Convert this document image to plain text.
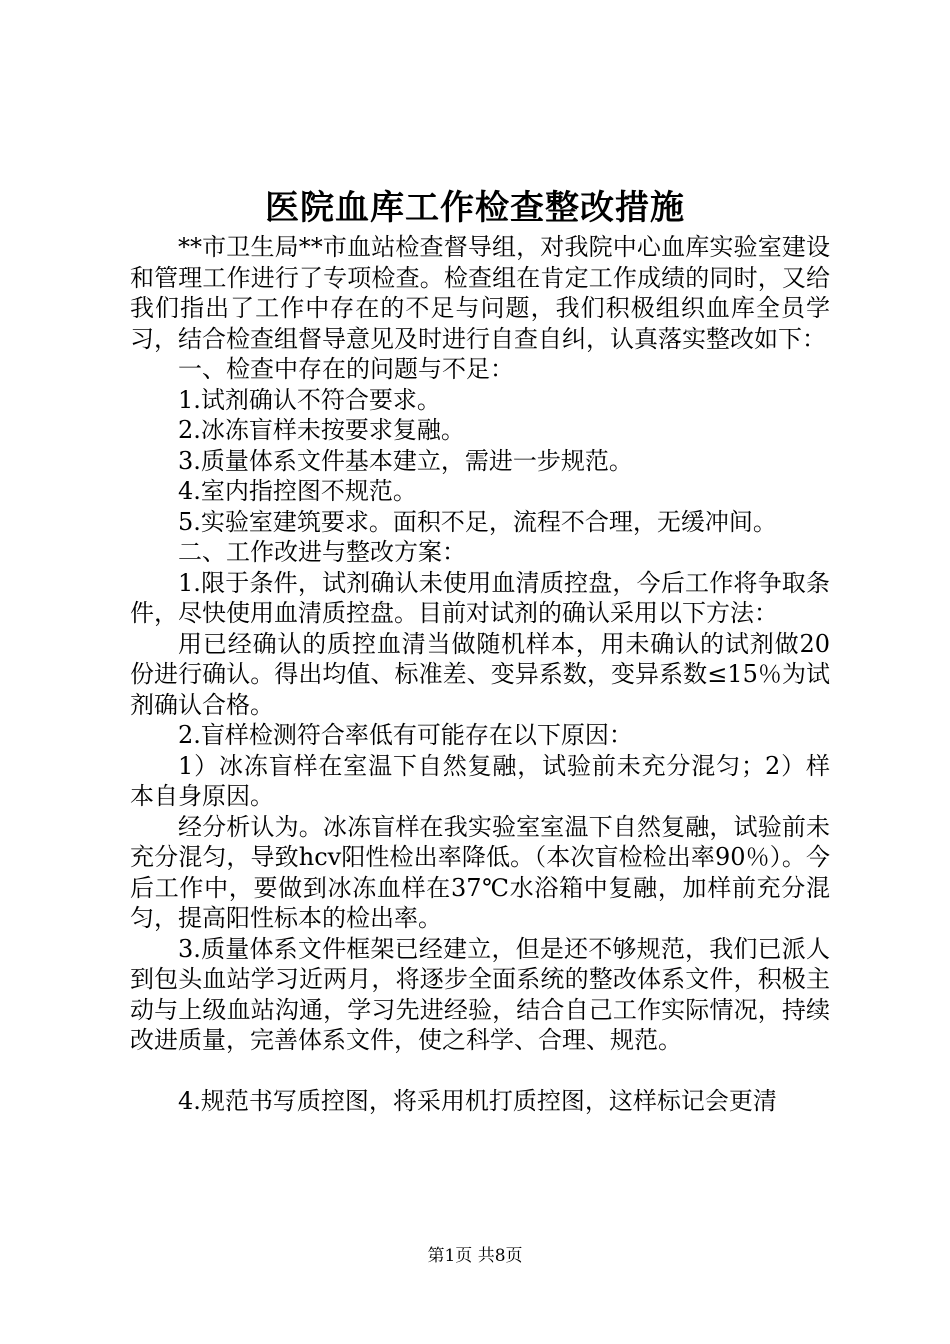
医院血库工作检查整改措施

**市卫生局**市血站检查督导组，对我院中心血库实验室建设和管理工作进行了专项检查。检查组在肯定工作成绩的同时，又给我们指出了工作中存在的不足与问题，我们积极组织血库全员学习，结合检查组督导意见及时进行自查自纠，认真落实整改如下：

一、检查中存在的问题与不足：

1.试剂确认不符合要求。

2.冰冻盲样未按要求复融。

3.质量体系文件基本建立，需进一步规范。

4.室内指控图不规范。

5.实验室建筑要求。面积不足，流程不合理，无缓冲间。

二、工作改进与整改方案：

1.限于条件，试剂确认未使用血清质控盘，今后工作将争取条件，尽快使用血清质控盘。目前对试剂的确认采用以下方法：

用已经确认的质控血清当做随机样本，用未确认的试剂做20份进行确认。得出均值、标准差、变异系数，变异系数≤15％为试剂确认合格。

2.盲样检测符合率低有可能存在以下原因：

1）冰冻盲样在室温下自然复融，试验前未充分混匀；2）样本自身原因。

经分析认为。冰冻盲样在我实验室室温下自然复融，试验前未充分混匀，导致hcv阳性检出率降低。（本次盲检检出率90％）。今后工作中，要做到冰冻血样在37℃水浴箱中复融，加样前充分混匀，提高阳性标本的检出率。

3.质量体系文件框架已经建立，但是还不够规范，我们已派人到包头血站学习近两月，将逐步全面系统的整改体系文件，积极主动与上级血站沟通，学习先进经验，结合自己工作实际情况，持续改进质量，完善体系文件，使之科学、合理、规范。

4.规范书写质控图，将采用机打质控图，这样标记会更清

第1页 共8页
